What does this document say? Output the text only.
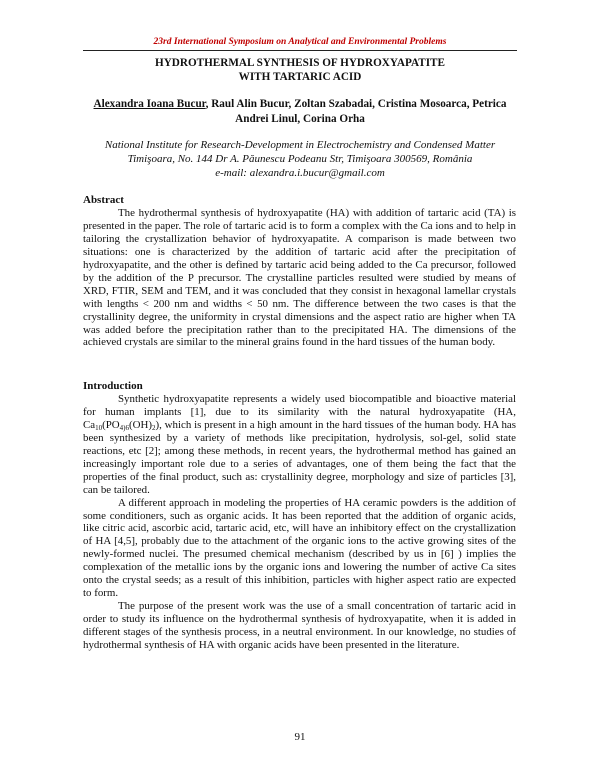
23rd International Symposium on Analytical and Environmental Problems
HYDROTHERMAL SYNTHESIS OF HYDROXYAPATITE
WITH TARTARIC ACID
Alexandra Ioana Bucur, Raul Alin Bucur, Zoltan Szabadai, Cristina Mosoarca, Petrica
Andrei Linul, Corina Orha
National Institute for Research-Development in Electrochemistry and Condensed Matter
Timişoara, No. 144 Dr A. Păunescu Podeanu Str, Timişoara 300569, România
e-mail: alexandra.i.bucur@gmail.com
Abstract

The hydrothermal synthesis of hydroxyapatite (HA) with addition of tartaric acid (TA) is presented in the paper. The role of tartaric acid is to form a complex with the Ca ions and to help in tailoring the crystallization behavior of hydroxyapatite. A comparison is made between two situations: one is characterized by the addition of tartaric acid after the precipitation of hydroxyapatite, and the other is defined by tartaric acid being added to the Ca precursor, followed by the addition of the P precursor. The crystalline particles resulted were studied by means of XRD, FTIR, SEM and TEM, and it was concluded that they consist in hexagonal lamellar crystals with lengths < 200 nm and widths < 50 nm. The difference between the two cases is that the crystallinity degree, the uniformity in crystal dimensions and the aspect ratio are higher when TA was added before the precipitation rather than to the precipitated HA. The dimensions of the achieved crystals are similar to the mineral grains found in the hard tissues of the human body.

Introduction

Synthetic hydroxyapatite represents a widely used biocompatible and bioactive material for human implants [1], due to its similarity with the natural hydroxyapatite (HA, $Ca_{10}(PO_{4)6}(OH)_2)$, which is present in a high amount in the hard tissues of the human body. HA has been synthesized by a variety of methods like precipitation, hydrolysis, sol-gel, solid state reactions, etc [2]; among these methods, in recent years, the hydrothermal method has gained an increasingly important role due to a series of advantages, one of them being the fact that the properties of the final product, such as: crystallinity degree, morphology and size of particles [3], can be tailored.

A different approach in modeling the properties of HA ceramic powders is the addition of some conditioners, such as organic acids. It has been reported that the addition of organic acids, like citric acid, ascorbic acid, tartaric acid, etc, will have an inhibitory effect on the crystallization of HA [4,5], probably due to the attachment of the organic ions to the active growing sites of the newly-formed nuclei. The presumed chemical mechanism (described by us in [6] ) implies the complexation of the metallic ions by the organic ions and lowering the number of active Ca sites onto the crystal seeds; as a result of this inhibition, particles with higher aspect ratio are expected to form.

The purpose of the present work was the use of a small concentration of tartaric acid in order to study its influence on the hydrothermal synthesis of hydroxyapatite, when it is added in different stages of the synthesis process, in a neutral environment. In our knowledge, no studies of hydrothermal synthesis of HA with organic acids have been presented in the literature.

91
